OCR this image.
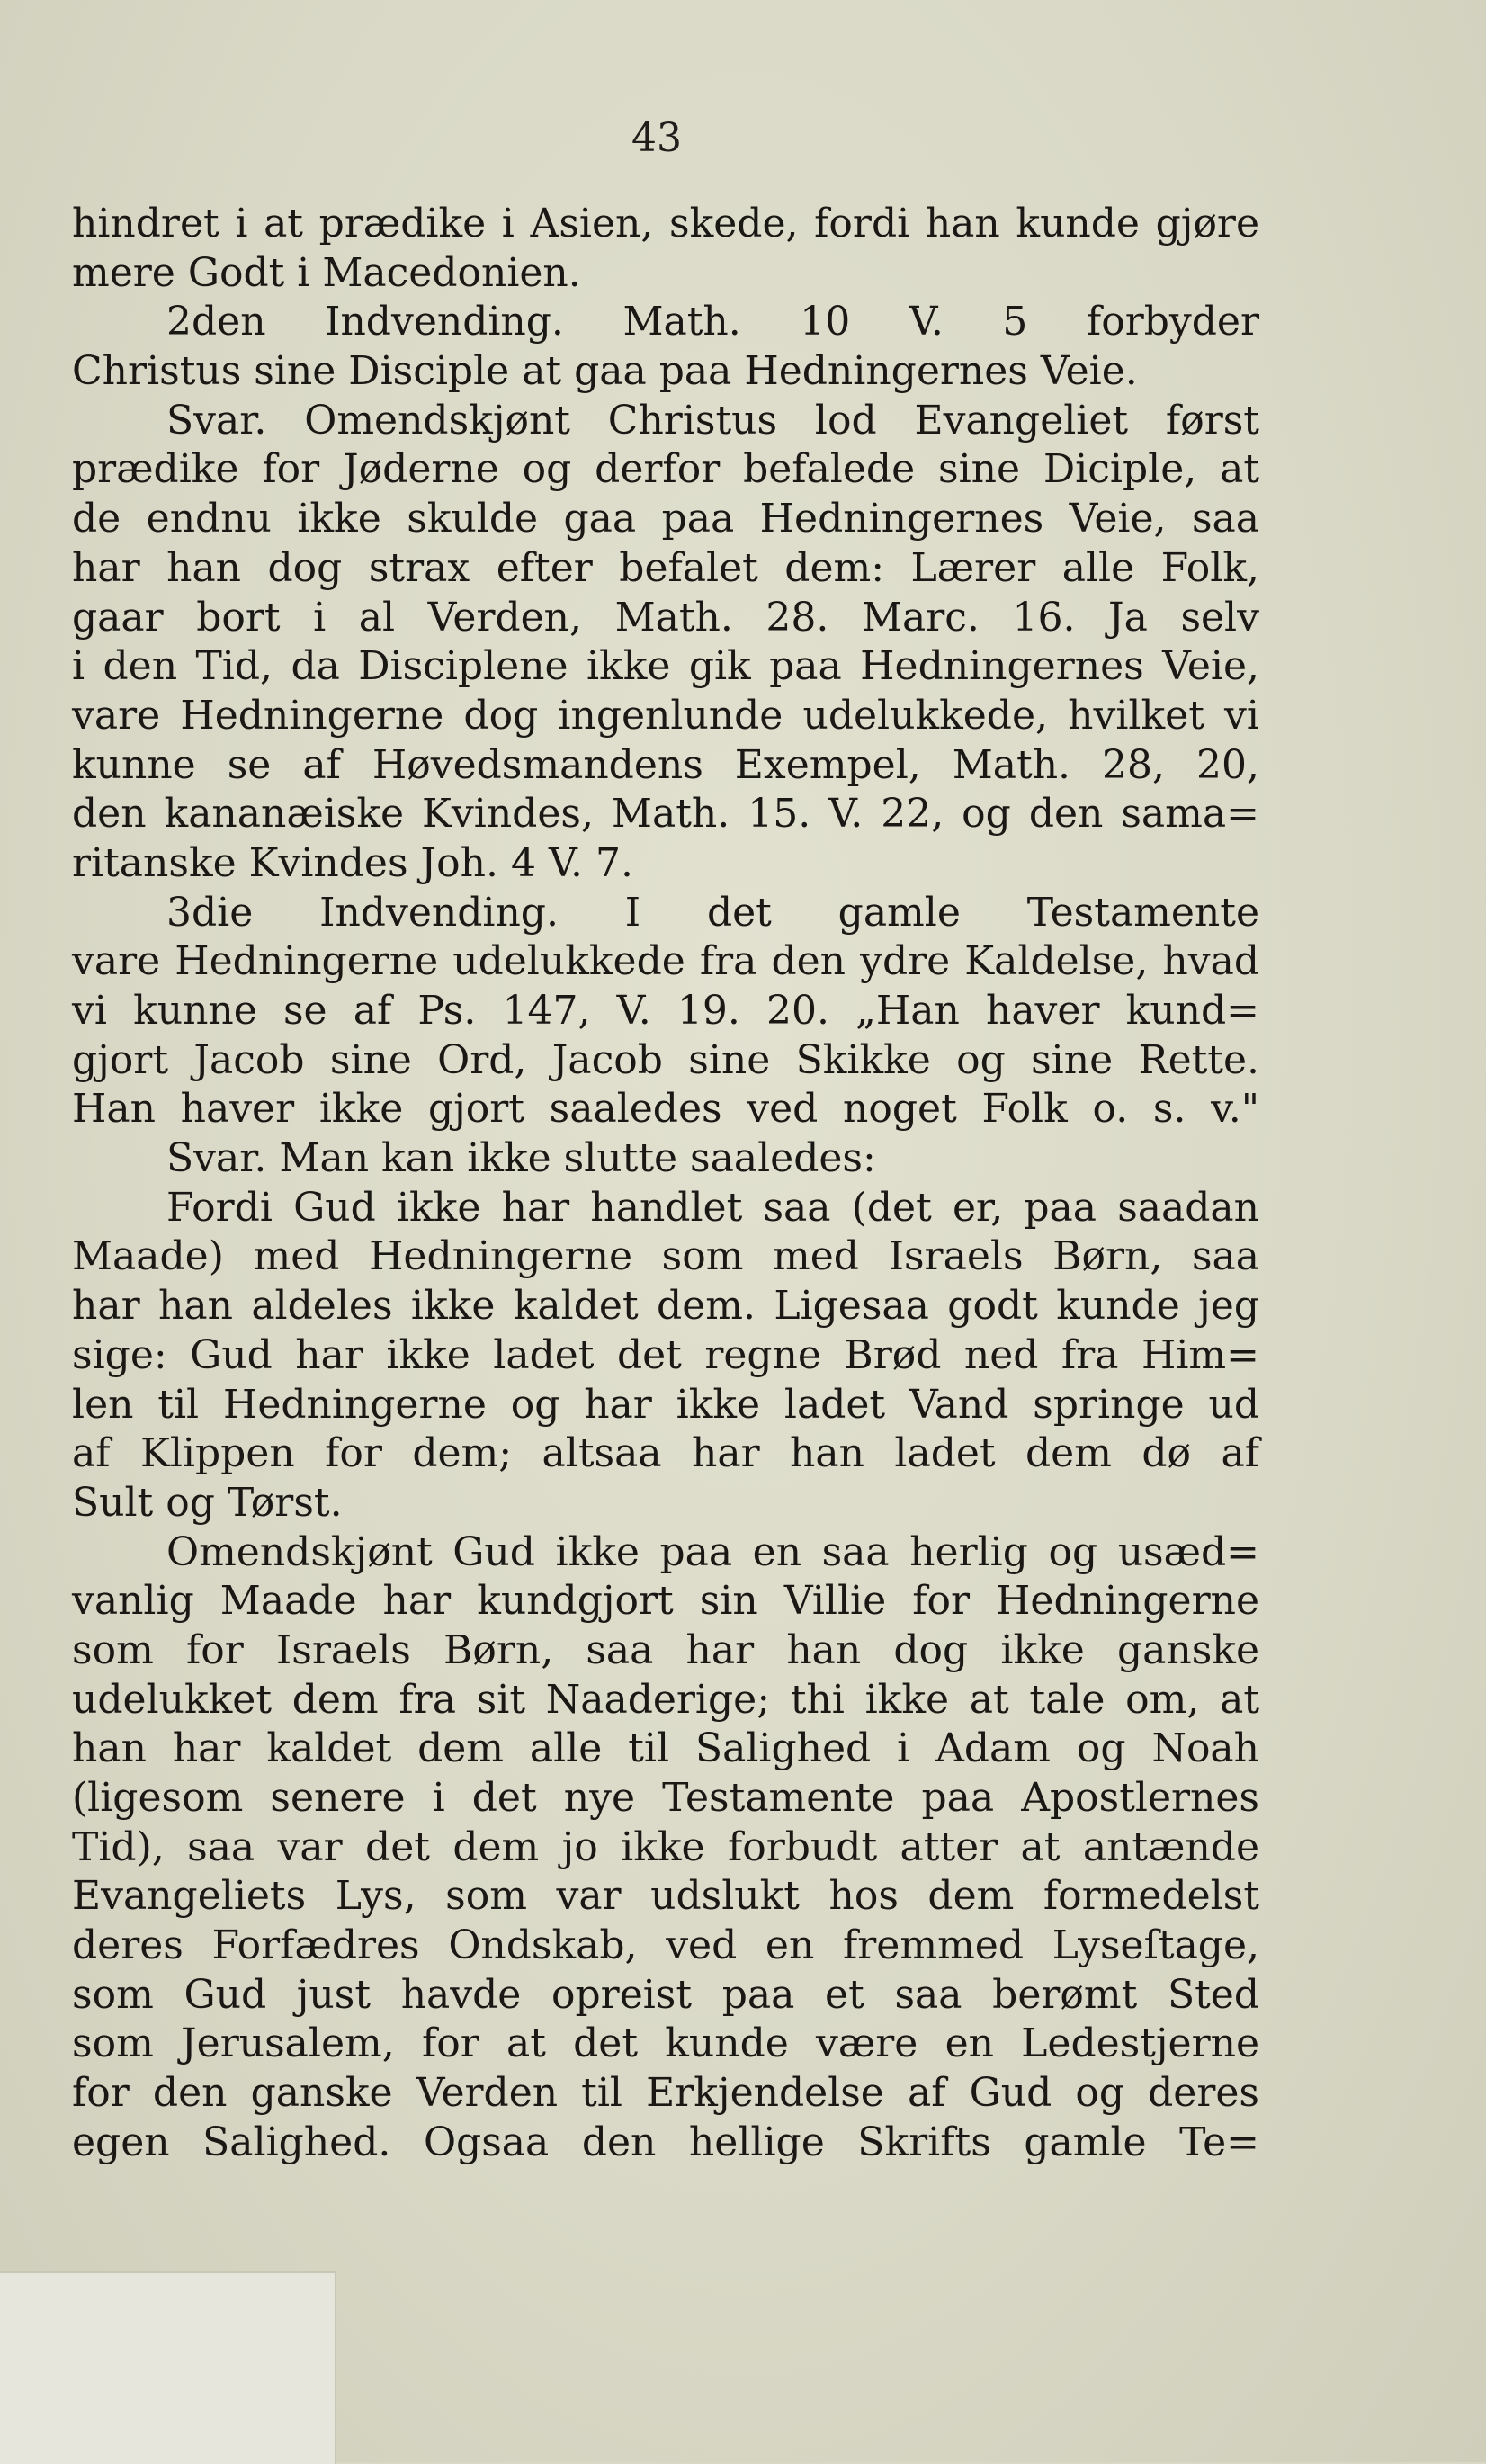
43
hindret i at prædike i Asien, skede, fordi han kunde gjøre
mere Godt i Macedonien.
2den Indvending. Math. 10 V. 5 forbyder
Christus sine Disciple at gaa paa Hedningernes Veie.
Svar. Omendskjønt Christus lod Evangeliet først
prædike for Jøderne og derfor befalede sine Diciple, at
de endnu ikke skulde gaa paa Hedningernes Veie, saa
har han dog strax efter befalet dem: Lærer alle Folk,
gaar bort i al Verden, Math. 28. Marc. 16. Ja selv
i den Tid, da Disciplene ikke gik paa Hedningernes Veie,
vare Hedningerne dog ingenlunde udelukkede, hvilket vi
kunne se af Høvedsmandens Exempel, Math. 28, 20,
den kananæiske Kvindes, Math. 15. V. 22, og den sama=
ritanske Kvindes Joh. 4 V. 7.
3die Indvending. I det gamle Testamente
vare Hedningerne udelukkede fra den ydre Kaldelse, hvad
vi kunne se af Ps. 147, V. 19. 20. „Han haver kund=
gjort Jacob sine Ord, Jacob sine Skikke og sine Rette.
Han haver ikke gjort saaledes ved noget Folk o. s. v."
Svar. Man kan ikke slutte saaledes:
Fordi Gud ikke har handlet saa (det er, paa saadan
Maade) med Hedningerne som med Israels Børn, saa
har han aldeles ikke kaldet dem. Ligesaa godt kunde jeg
sige: Gud har ikke ladet det regne Brød ned fra Him=
len til Hedningerne og har ikke ladet Vand springe ud
af Klippen for dem; altsaa har han ladet dem dø af
Sult og Tørst.
Omendskjønt Gud ikke paa en saa herlig og usæd=
vanlig Maade har kundgjort sin Villie for Hedningerne
som for Israels Børn, saa har han dog ikke ganske
udelukket dem fra sit Naaderige; thi ikke at tale om, at
han har kaldet dem alle til Salighed i Adam og Noah
(ligesom senere i det nye Testamente paa Apostlernes
Tid), saa var det dem jo ikke forbudt atter at antænde
Evangeliets Lys, som var udslukt hos dem formedelst
deres Forfædres Ondskab, ved en fremmed Lyseſtage,
som Gud just havde opreist paa et saa berømt Sted
som Jerusalem, for at det kunde være en Ledestjerne
for den ganske Verden til Erkjendelse af Gud og deres
egen Salighed. Ogsaa den hellige Skrifts gamle Te=
